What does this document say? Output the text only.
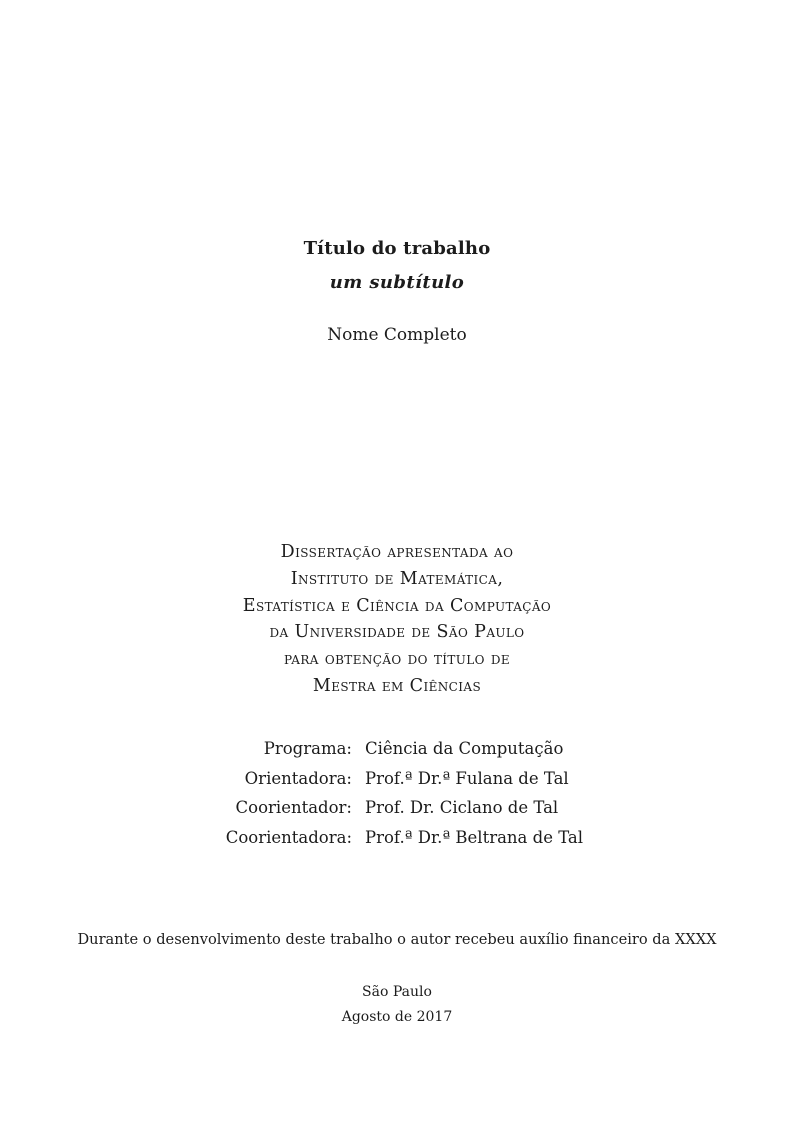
Título do trabalho
um subtítulo
Nome Completo
Dissertação apresentada ao
Instituto de Matemática,
Estatística e Ciência da Computação
da Universidade de São Paulo
para obtenção do título de
Mestra em Ciências
Programa: Ciência da Computação
Orientadora: Prof.ª Dr.ª Fulana de Tal
Coorientador: Prof. Dr. Ciclano de Tal
Coorientadora: Prof.ª Dr.ª Beltrana de Tal
Durante o desenvolvimento deste trabalho o autor recebeu auxílio financeiro da XXXX
São Paulo
Agosto de 2017
